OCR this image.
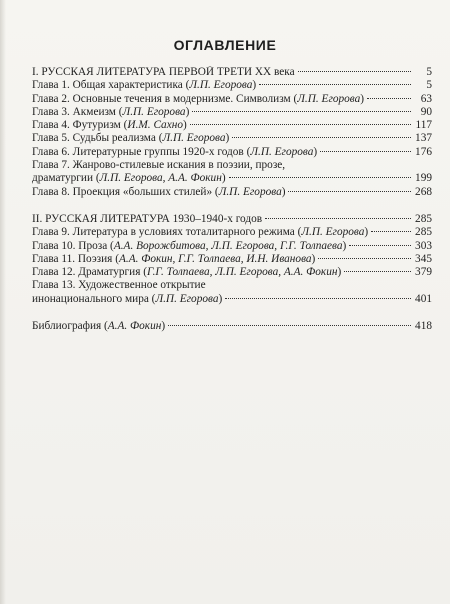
ОГЛАВЛЕНИЕ
I. РУССКАЯ ЛИТЕРАТУРА ПЕРВОЙ ТРЕТИ XX века	5
Глава 1. Общая характеристика (Л.П. Егорова)	5
Глава 2. Основные течения в модернизме. Символизм (Л.П. Егорова)	63
Глава 3. Акмеизм (Л.П. Егорова)	90
Глава 4. Футуризм (И.М. Сахно)	117
Глава 5. Судьбы реализма (Л.П. Егорова)	137
Глава 6. Литературные группы 1920-х годов (Л.П. Егорова)	176
Глава 7. Жанрово-стилевые искания в поэзии, прозе,
драматургии (Л.П. Егорова, А.А. Фокин)	199
Глава 8. Проекция «больших стилей» (Л.П. Егорова)	268
II. РУССКАЯ ЛИТЕРАТУРА 1930–1940-х годов	285
Глава 9. Литература в условиях тоталитарного режима (Л.П. Егорова)	285
Глава 10. Проза (А.А. Ворожбитова, Л.П. Егорова, Г.Г. Толпаева)	303
Глава 11. Поэзия (А.А. Фокин, Г.Г. Толпаева, И.Н. Иванова)	345
Глава 12. Драматургия (Г.Г. Толпаева, Л.П. Егорова, А.А. Фокин)	379
Глава 13. Художественное открытие
инонационального мира (Л.П. Егорова)	401
Библиография (А.А. Фокин)	418
